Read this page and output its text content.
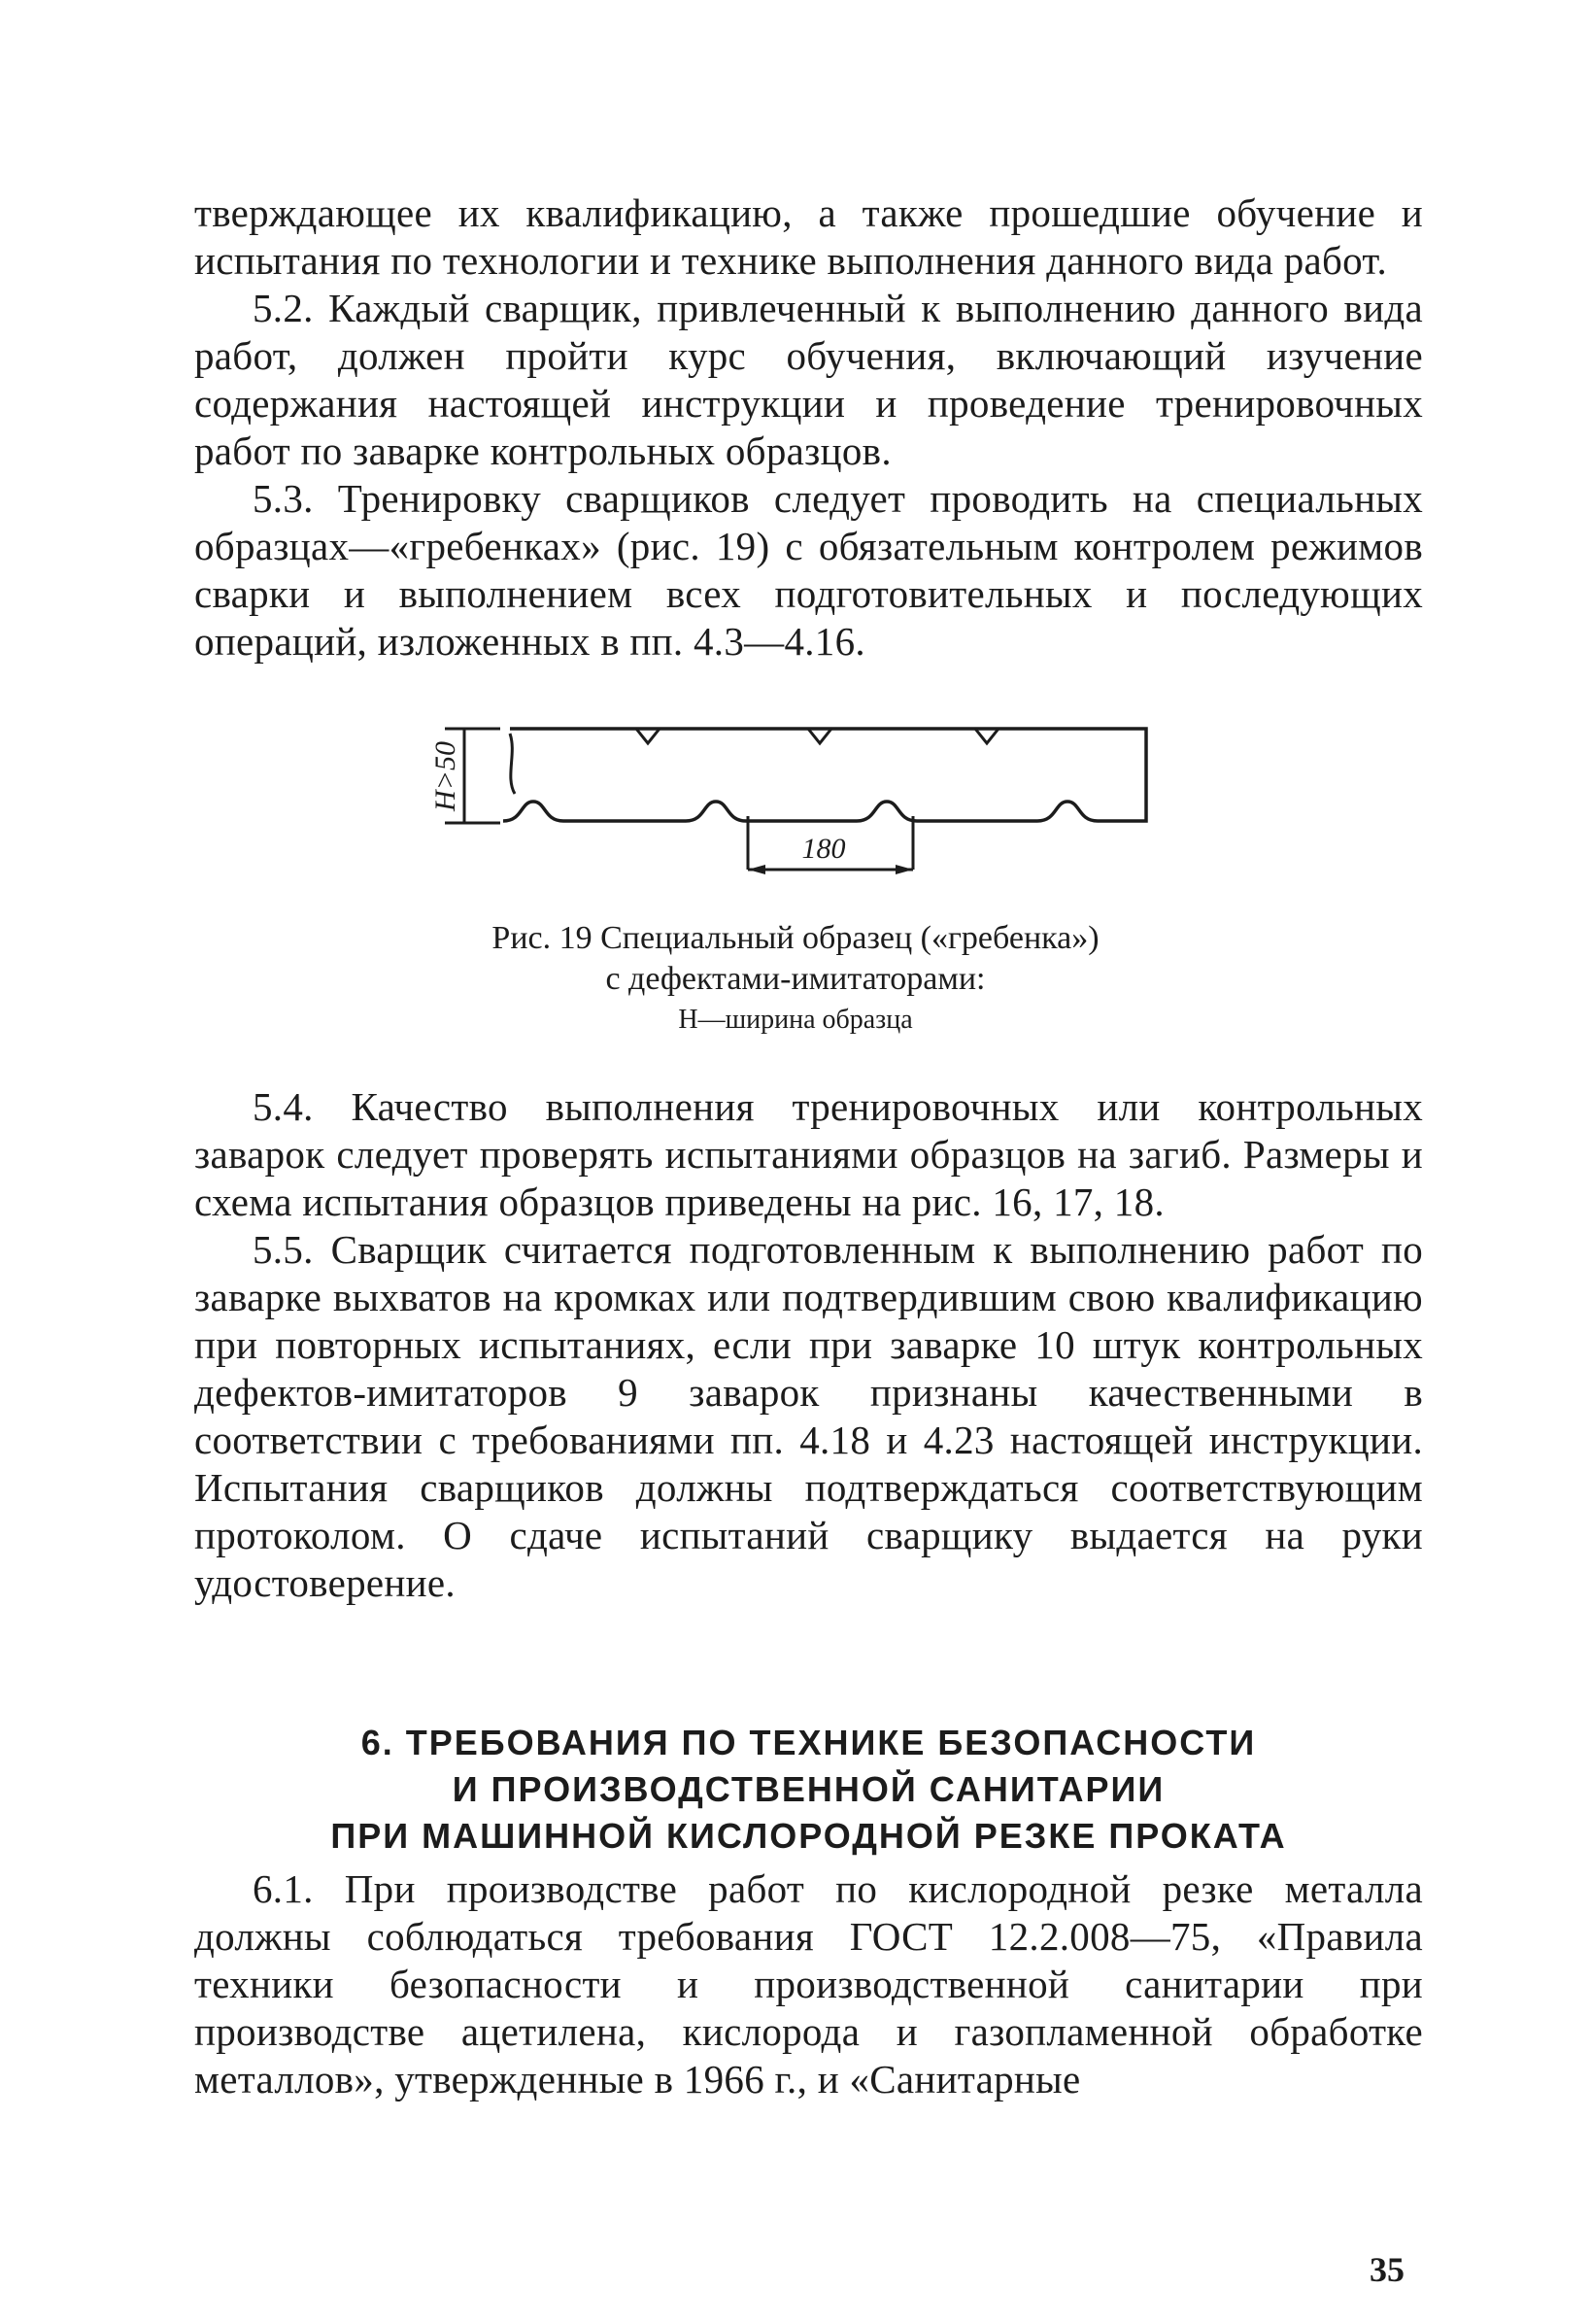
тверждающее их квалификацию, а также прошедшие обучение и испытания по технологии и технике выполнения данного вида работ.

5.2. Каждый сварщик, привлеченный к выполнению данного вида работ, должен пройти курс обучения, включающий изучение содержания настоящей инструкции и проведение тренировочных работ по заварке контрольных образцов.

5.3. Тренировку сварщиков следует проводить на специальных образцах—«гребенках» (рис. 19) с обязательным контролем режимов сварки и выполнением всех подготовительных и последующих операций, изложенных в пп. 4.3—4.16.

H>50
180
Рис. 19 Специальный образец («гребенка»)
с дефектами-имитаторами:
H—ширина образца

5.4. Качество выполнения тренировочных или контрольных заварок следует проверять испытаниями образцов на загиб. Размеры и схема испытания образцов приведены на рис. 16, 17, 18.

5.5. Сварщик считается подготовленным к выполнению работ по заварке выхватов на кромках или подтвердившим свою квалификацию при повторных испытаниях, если при заварке 10 штук контрольных дефектов-имитаторов 9 заварок признаны качественными в соответствии с требованиями пп. 4.18 и 4.23 настоящей инструкции. Испытания сварщиков должны подтверждаться соответствующим протоколом. О сдаче испытаний сварщику выдается на руки удостоверение.

6. ТРЕБОВАНИЯ ПО ТЕХНИКЕ БЕЗОПАСНОСТИ
И ПРОИЗВОДСТВЕННОЙ САНИТАРИИ
ПРИ МАШИННОЙ КИСЛОРОДНОЙ РЕЗКЕ ПРОКАТА

6.1. При производстве работ по кислородной резке металла должны соблюдаться требования ГОСТ 12.2.008—75, «Правила техники безопасности и производственной санитарии при производстве ацетилена, кислорода и газопламенной обработке металлов», утвержденные в 1966 г., и «Санитарные

35
